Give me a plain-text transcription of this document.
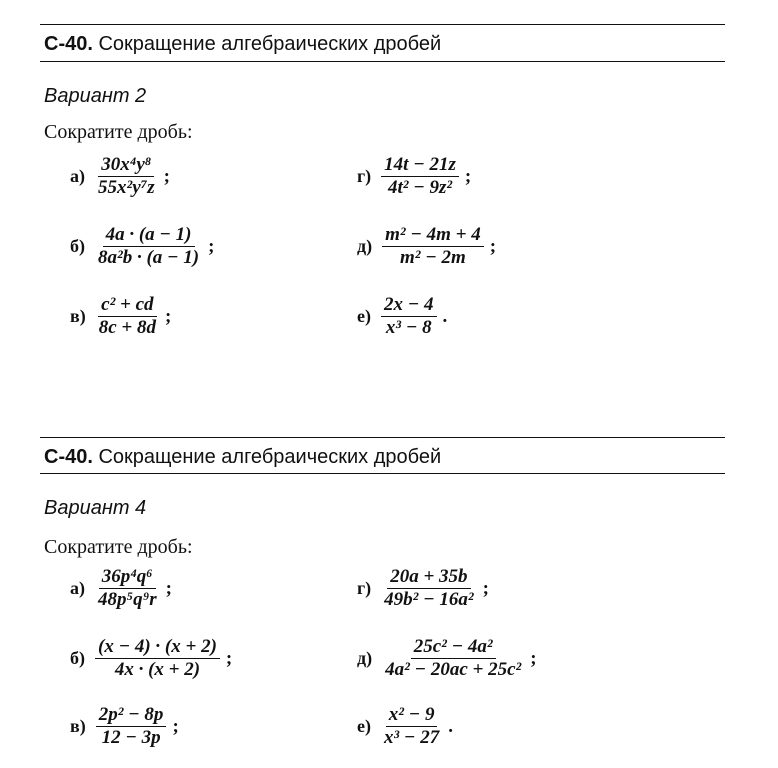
С-40. Сокращение алгебраических дробей
Вариант 2
Сократите дробь:
$а) \frac{\text{30x⁴y⁸}}{\text{55x²y⁷z}}$ ;
$б) \frac{4a \cdot (a - 1)}{\text{8a²b · (a − 1)}}$ ;
$в) \frac{\text{c² + cd}}{8c + 8d}$ ;
$г) \frac{14t - 21z}{\text{4t² − 9z²}}$ ;
$д) \frac{\text{m² − 4m + 4}}{\text{m² − 2m}}$ ;
$е) \frac{2x - 4}{\text{x³ − 8}}$ .
С-40. Сокращение алгебраических дробей
Вариант 4
Сократите дробь:
$а) \frac{\text{36p⁴q⁶}}{\text{48p⁵q⁹r}}$ ;
$б) \frac{(x - 4) \cdot (x + 2)}{4x \cdot (x + 2)}$ ;
$в) \frac{\text{2p² − 8p}}{12 - 3p}$ ;
$г) \frac{20a + 35b}{\text{49b² − 16a²}}$ ;
$д) \frac{\text{25c² − 4a²}}{\text{4a² − 20ac + 25c²}}$ ;
$е) \frac{\text{x² − 9}}{\text{x³ − 27}}$ .
